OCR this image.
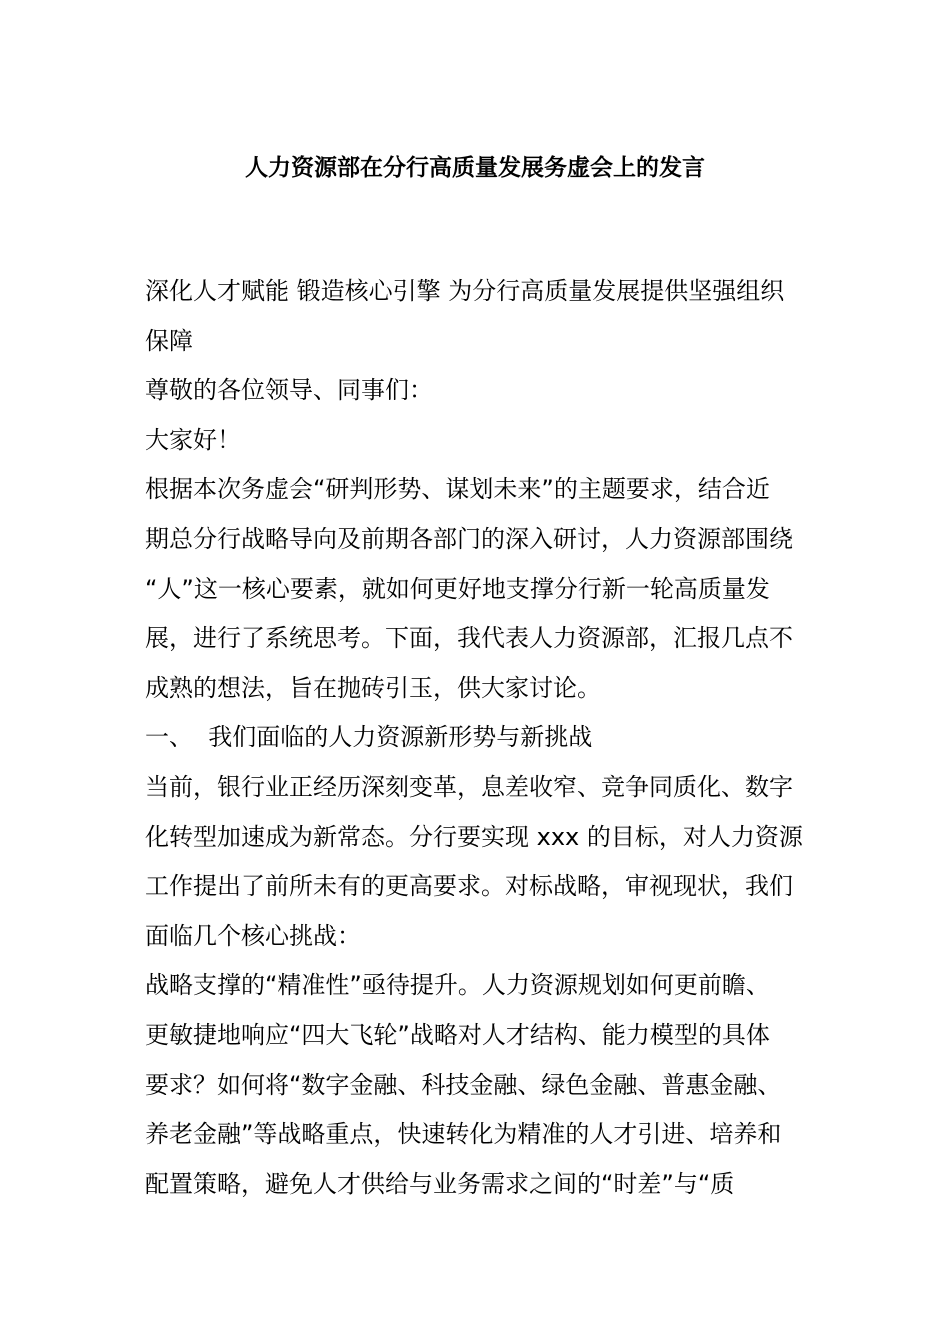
人力资源部在分行高质量发展务虚会上的发言
深化人才赋能 锻造核心引擎 为分行高质量发展提供坚强组织
保障
尊敬的各位领导、同事们：
大家好！
根据本次务虚会“研判形势、谋划未来”的主题要求，结合近
期总分行战略导向及前期各部门的深入研讨，人力资源部围绕
“人”这一核心要素，就如何更好地支撑分行新一轮高质量发
展，进行了系统思考。下面，我代表人力资源部，汇报几点不
成熟的想法，旨在抛砖引玉，供大家讨论。
一、  我们面临的人力资源新形势与新挑战
当前，银行业正经历深刻变革，息差收窄、竞争同质化、数字
化转型加速成为新常态。分行要实现 xxx 的目标，对人力资源
工作提出了前所未有的更高要求。对标战略，审视现状，我们
面临几个核心挑战：
战略支撑的“精准性”亟待提升。人力资源规划如何更前瞻、
更敏捷地响应“四大飞轮”战略对人才结构、能力模型的具体
要求？如何将“数字金融、科技金融、绿色金融、普惠金融、
养老金融”等战略重点，快速转化为精准的人才引进、培养和
配置策略，避免人才供给与业务需求之间的“时差”与“质
